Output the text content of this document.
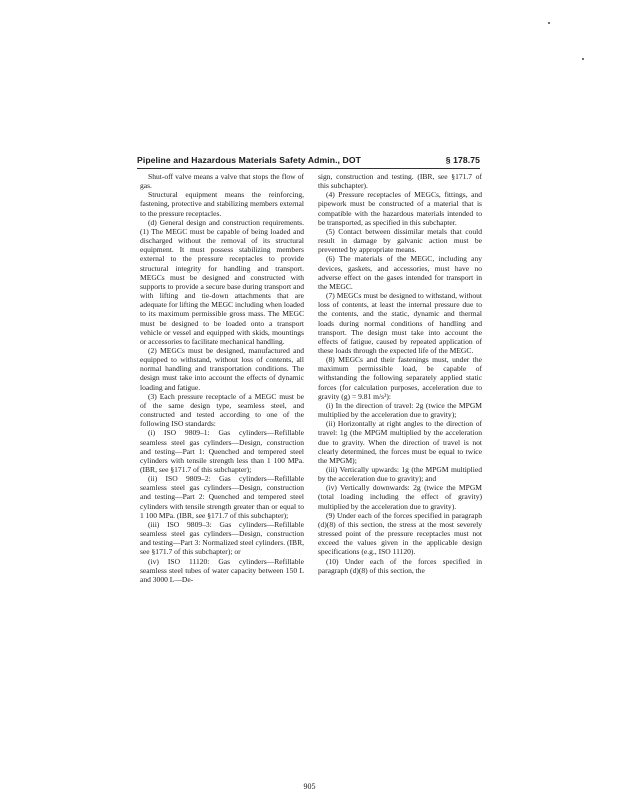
Pipeline and Hazardous Materials Safety Admin., DOT	§ 178.75

Shut-off valve means a valve that stops the flow of gas.

Structural equipment means the reinforcing, fastening, protective and stabilizing members external to the pressure receptacles.

(d) General design and construction requirements. (1) The MEGC must be capable of being loaded and discharged without the removal of its structural equipment. It must possess stabilizing members external to the pressure receptacles to provide structural integrity for handling and transport. MEGCs must be designed and constructed with supports to provide a secure base during transport and with lifting and tie-down attachments that are adequate for lifting the MEGC including when loaded to its maximum permissible gross mass. The MEGC must be designed to be loaded onto a transport vehicle or vessel and equipped with skids, mountings or accessories to facilitate mechanical handling.

(2) MEGCs must be designed, manufactured and equipped to withstand, without loss of contents, all normal handling and transportation conditions. The design must take into account the effects of dynamic loading and fatigue.

(3) Each pressure receptacle of a MEGC must be of the same design type, seamless steel, and constructed and tested according to one of the following ISO standards:

(i) ISO 9809–1: Gas cylinders—Refillable seamless steel gas cylinders—Design, construction and testing—Part 1: Quenched and tempered steel cylinders with tensile strength less than 1 100 MPa. (IBR, see §171.7 of this subchapter);

(ii) ISO 9809–2: Gas cylinders—Refillable seamless steel gas cylinders—Design, construction and testing—Part 2: Quenched and tempered steel cylinders with tensile strength greater than or equal to 1 100 MPa. (IBR, see §171.7 of this subchapter);

(iii) ISO 9809–3: Gas cylinders—Refillable seamless steel gas cylinders—Design, construction and testing—Part 3: Normalized steel cylinders. (IBR, see §171.7 of this subchapter); or

(iv) ISO 11120: Gas cylinders—Refillable seamless steel tubes of water capacity between 150 L and 3000 L—De-

sign, construction and testing. (IBR, see §171.7 of this subchapter).

(4) Pressure receptacles of MEGCs, fittings, and pipework must be constructed of a material that is compatible with the hazardous materials intended to be transported, as specified in this subchapter.

(5) Contact between dissimilar metals that could result in damage by galvanic action must be prevented by appropriate means.

(6) The materials of the MEGC, including any devices, gaskets, and accessories, must have no adverse effect on the gases intended for transport in the MEGC.

(7) MEGCs must be designed to withstand, without loss of contents, at least the internal pressure due to the contents, and the static, dynamic and thermal loads during normal conditions of handling and transport. The design must take into account the effects of fatigue, caused by repeated application of these loads through the expected life of the MEGC.

(8) MEGCs and their fastenings must, under the maximum permissible load, be capable of withstanding the following separately applied static forces (for calculation purposes, acceleration due to gravity (g) = 9.81 m/s²):

(i) In the direction of travel: 2g (twice the MPGM multiplied by the acceleration due to gravity);

(ii) Horizontally at right angles to the direction of travel: 1g (the MPGM multiplied by the acceleration due to gravity. When the direction of travel is not clearly determined, the forces must be equal to twice the MPGM);

(iii) Vertically upwards: 1g (the MPGM multiplied by the acceleration due to gravity); and

(iv) Vertically downwards: 2g (twice the MPGM (total loading including the effect of gravity) multiplied by the acceleration due to gravity).

(9) Under each of the forces specified in paragraph (d)(8) of this section, the stress at the most severely stressed point of the pressure receptacles must not exceed the values given in the applicable design specifications (e.g., ISO 11120).

(10) Under each of the forces specified in paragraph (d)(8) of this section, the

905
